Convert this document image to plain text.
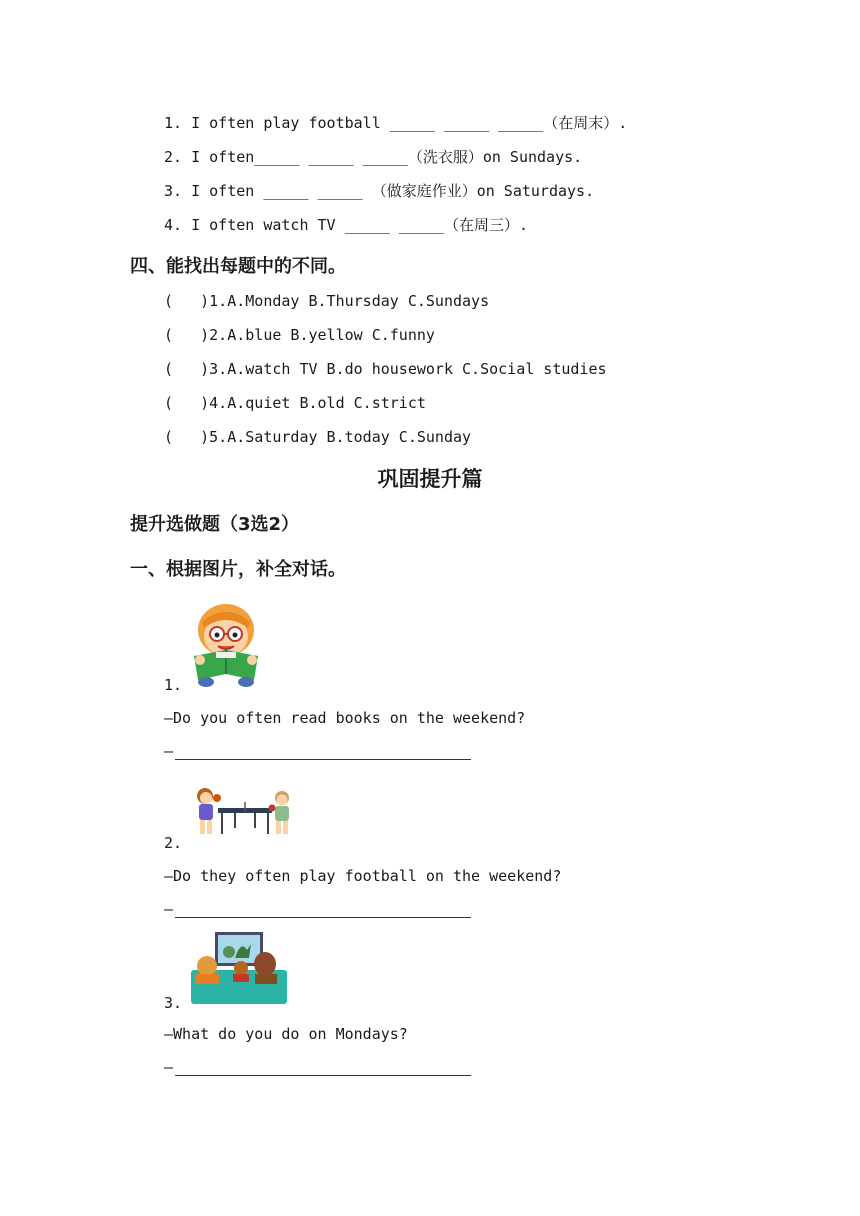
1. I often play football _____ _____ _____（在周末）.
2. I often_____ _____ _____（洗衣服）on Sundays.
3. I often _____ _____ （做家庭作业）on Saturdays.
4. I often watch TV _____ _____（在周三）.
四、能找出每题中的不同。
(   )1.A.Monday B.Thursday C.Sundays
(   )2.A.blue B.yellow C.funny
(   )3.A.watch TV B.do housework C.Social studies
(   )4.A.quiet B.old C.strict
(   )5.A.Saturday B.today C.Sunday
巩固提升篇
提升选做题（3选2）
一、根据图片，补全对话。
1.
—Do you often read books on the weekend?
—
2.
—Do they often play football on the weekend?
—
3.
—What do you do on Mondays?
—
